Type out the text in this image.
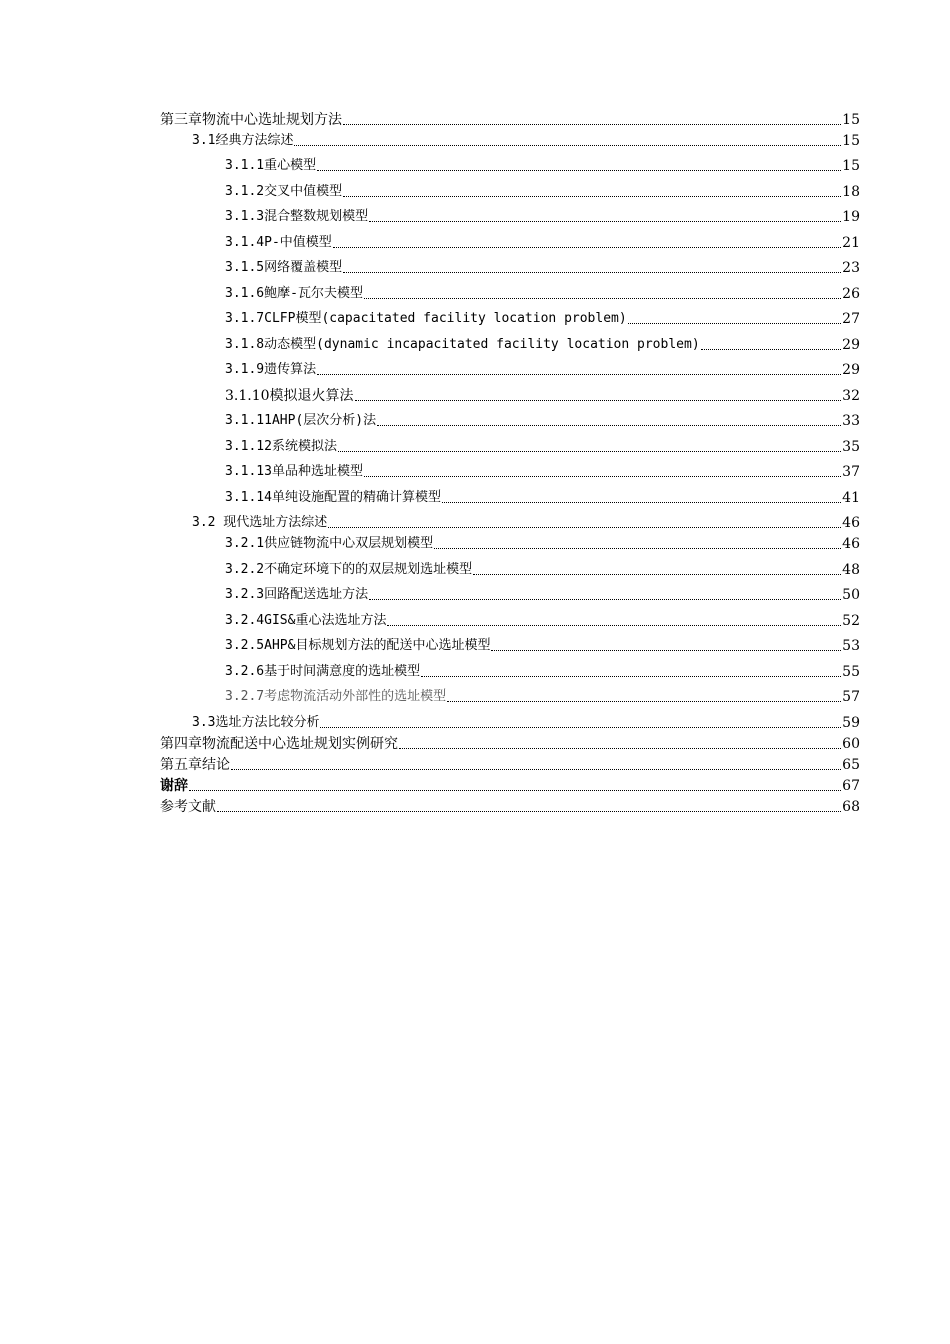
第三章物流中心选址规划方法	15
3.1经典方法综述	15
3.1.1重心模型	15
3.1.2交叉中值模型	18
3.1.3混合整数规划模型	19
3.1.4P-中值模型	21
3.1.5网络覆盖模型	23
3.1.6鲍摩-瓦尔夫模型	26
3.1.7CLFP模型(capacitated facility location problem)	27
3.1.8动态模型(dynamic incapacitated facility location problem)	29
3.1.9遗传算法	29
3.1.10模拟退火算法	32
3.1.11AHP(层次分析)法	33
3.1.12系统模拟法	35
3.1.13单品种选址模型	37
3.1.14单纯设施配置的精确计算模型	41
3.2 现代选址方法综述	46
3.2.1供应链物流中心双层规划模型	46
3.2.2不确定环境下的的双层规划选址模型	48
3.2.3回路配送选址方法	50
3.2.4GIS&重心法选址方法	52
3.2.5AHP&目标规划方法的配送中心选址模型	53
3.2.6基于时间满意度的选址模型	55
3.2.7考虑物流活动外部性的选址模型	57
3.3选址方法比较分析	59
第四章物流配送中心选址规划实例研究	60
第五章结论	65
谢辞	67
参考文献	68
